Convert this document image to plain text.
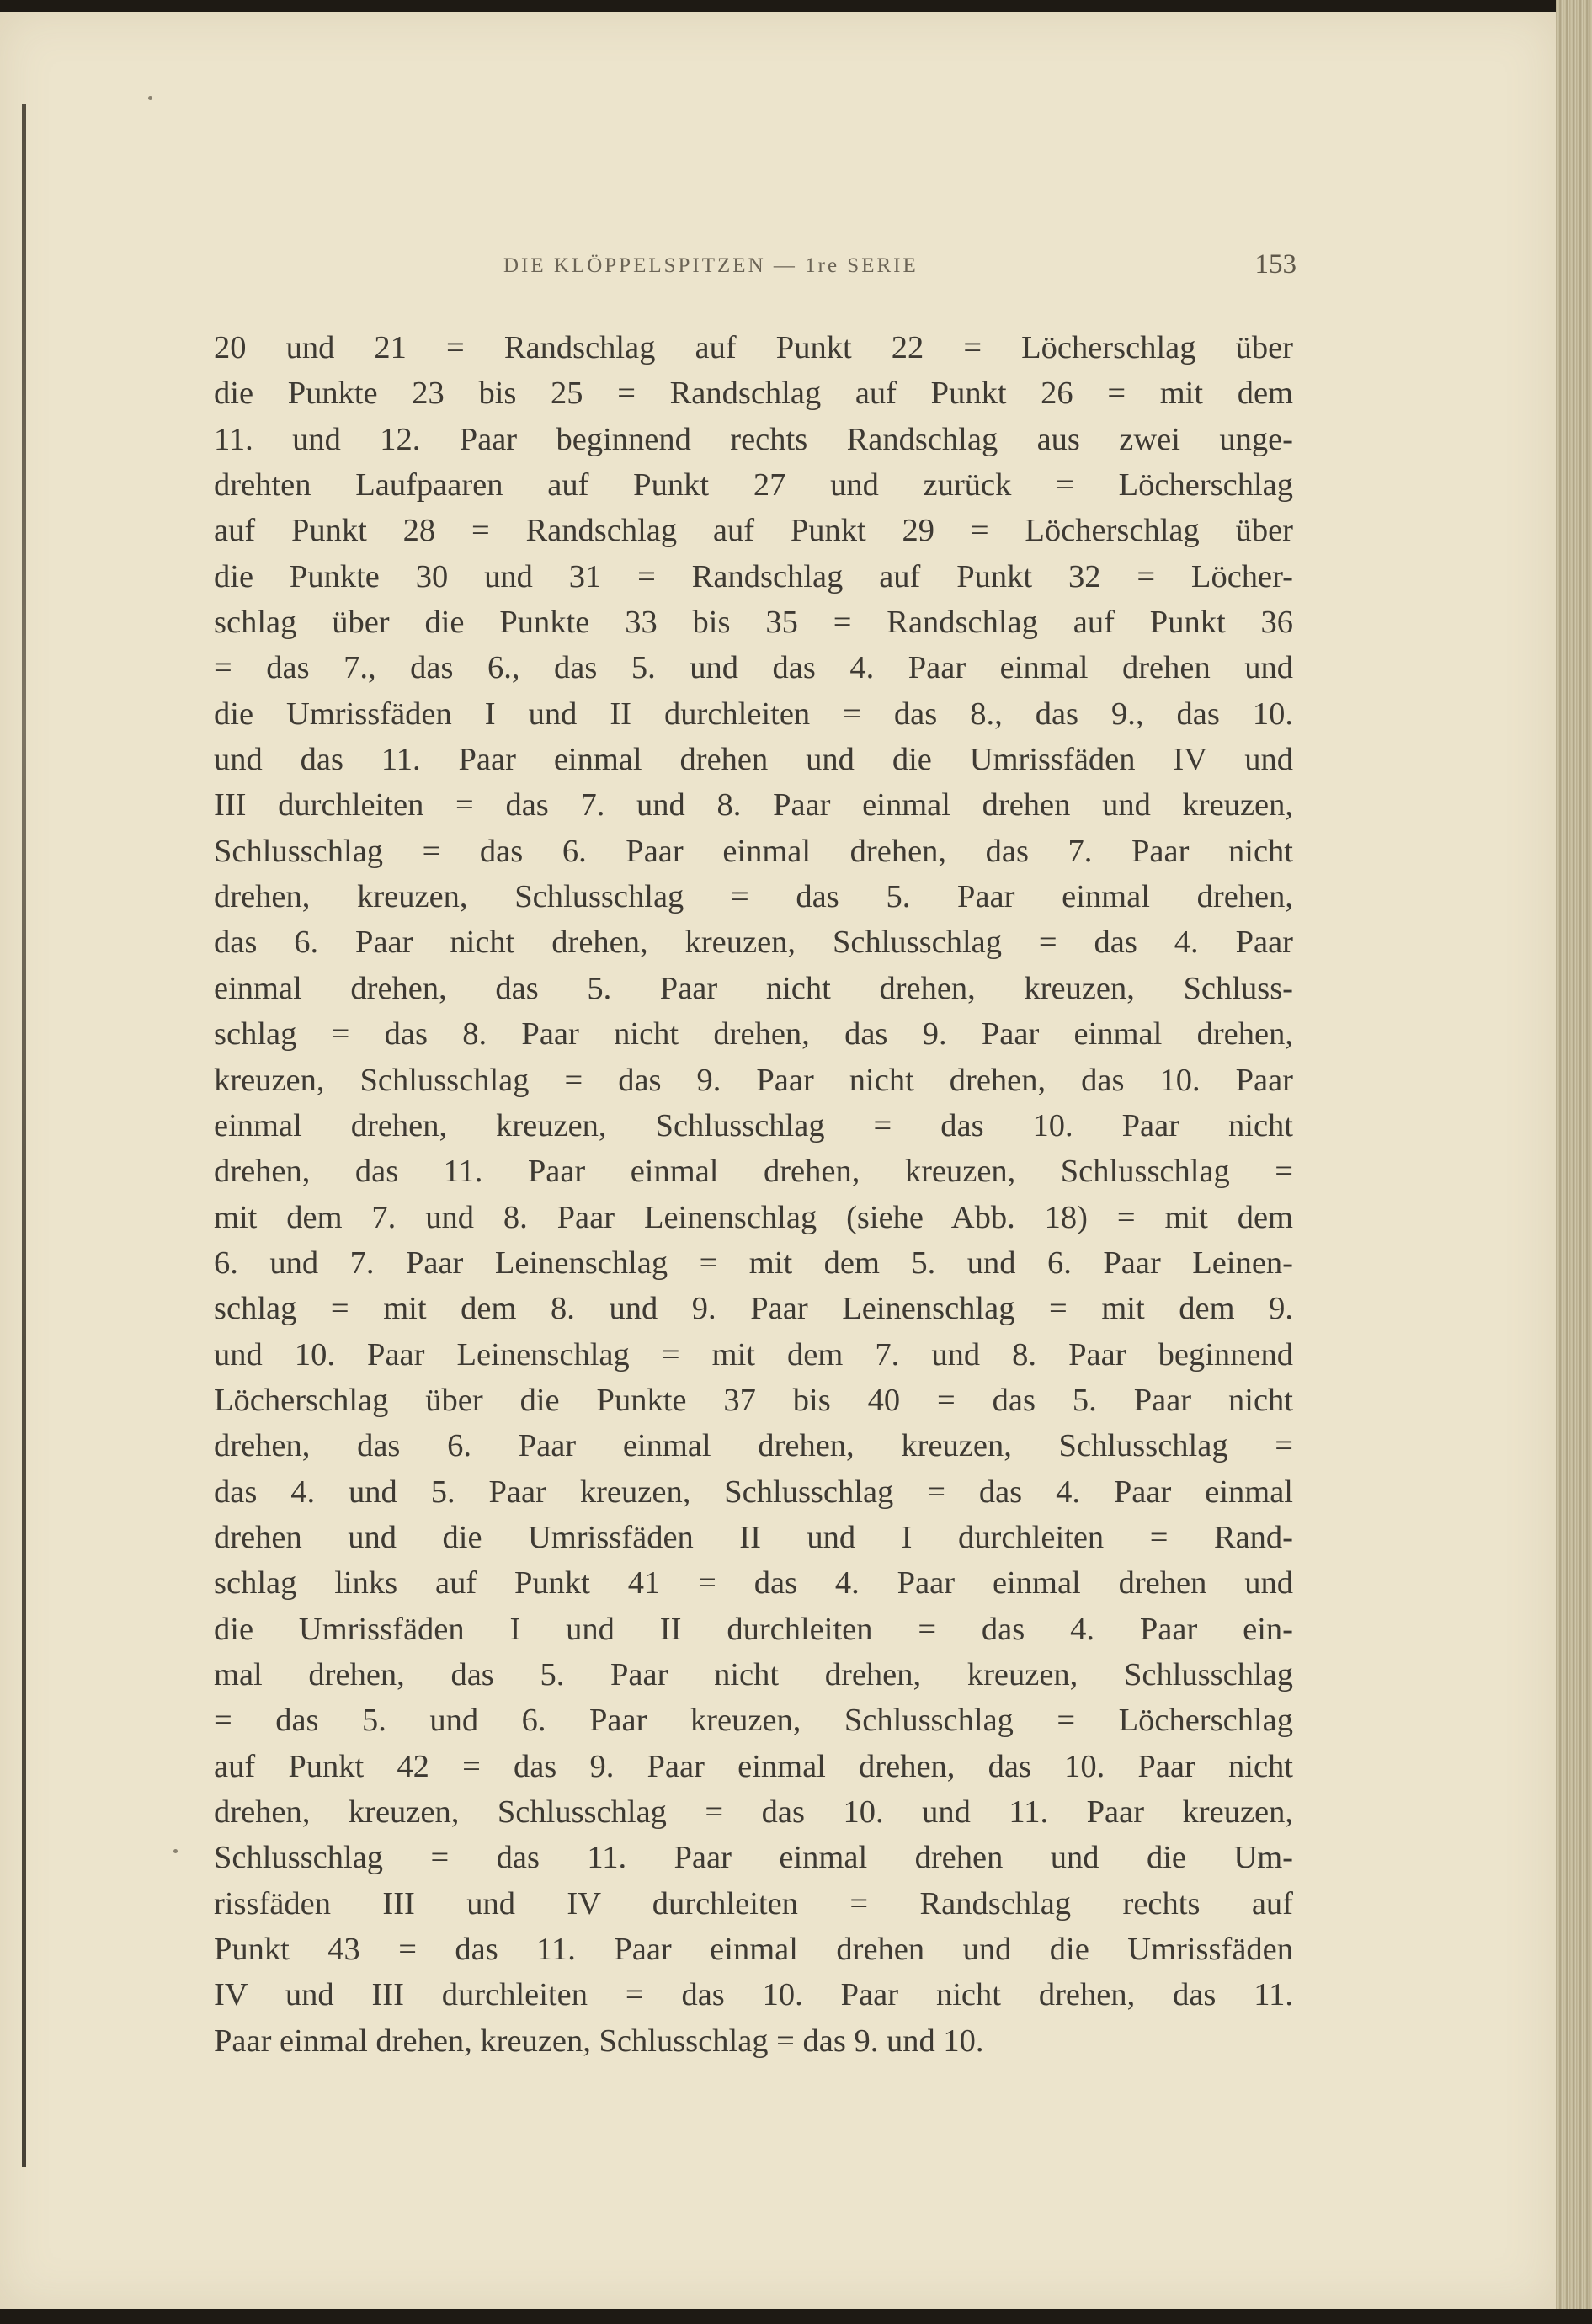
DIE KLÖPPELSPITZEN — 1re SERIE	153
20 und 21 = Randschlag auf Punkt 22 = Löcherschlag über
die Punkte 23 bis 25 = Randschlag auf Punkt 26 = mit dem
11. und 12. Paar beginnend rechts Randschlag aus zwei unge-
drehten Laufpaaren auf Punkt 27 und zurück = Löcherschlag
auf Punkt 28 = Randschlag auf Punkt 29 = Löcherschlag über
die Punkte 30 und 31 = Randschlag auf Punkt 32 = Löcher-
schlag über die Punkte 33 bis 35 = Randschlag auf Punkt 36
= das 7., das 6., das 5. und das 4. Paar einmal drehen und
die Umrissfäden I und II durchleiten = das 8., das 9., das 10.
und das 11. Paar einmal drehen und die Umrissfäden IV und
III durchleiten = das 7. und 8. Paar einmal drehen und kreuzen,
Schlusschlag = das 6. Paar einmal drehen, das 7. Paar nicht
drehen, kreuzen, Schlusschlag = das 5. Paar einmal drehen,
das 6. Paar nicht drehen, kreuzen, Schlusschlag = das 4. Paar
einmal drehen, das 5. Paar nicht drehen, kreuzen, Schluss-
schlag = das 8. Paar nicht drehen, das 9. Paar einmal drehen,
kreuzen, Schlusschlag = das 9. Paar nicht drehen, das 10. Paar
einmal drehen, kreuzen, Schlusschlag = das 10. Paar nicht
drehen, das 11. Paar einmal drehen, kreuzen, Schlusschlag =
mit dem 7. und 8. Paar Leinenschlag (siehe Abb. 18) = mit dem
6. und 7. Paar Leinenschlag = mit dem 5. und 6. Paar Leinen-
schlag = mit dem 8. und 9. Paar Leinenschlag = mit dem 9.
und 10. Paar Leinenschlag = mit dem 7. und 8. Paar beginnend
Löcherschlag über die Punkte 37 bis 40 = das 5. Paar nicht
drehen, das 6. Paar einmal drehen, kreuzen, Schlusschlag =
das 4. und 5. Paar kreuzen, Schlusschlag = das 4. Paar einmal
drehen und die Umrissfäden II und I durchleiten = Rand-
schlag links auf Punkt 41 = das 4. Paar einmal drehen und
die Umrissfäden I und II durchleiten = das 4. Paar ein-
mal drehen, das 5. Paar nicht drehen, kreuzen, Schlusschlag
= das 5. und 6. Paar kreuzen, Schlusschlag = Löcherschlag
auf Punkt 42 = das 9. Paar einmal drehen, das 10. Paar nicht
drehen, kreuzen, Schlusschlag = das 10. und 11. Paar kreuzen,
Schlusschlag = das 11. Paar einmal drehen und die Um-
rissfäden III und IV durchleiten = Randschlag rechts auf
Punkt 43 = das 11. Paar einmal drehen und die Umrissfäden
IV und III durchleiten = das 10. Paar nicht drehen, das 11.
Paar einmal drehen, kreuzen, Schlusschlag = das 9. und 10.
